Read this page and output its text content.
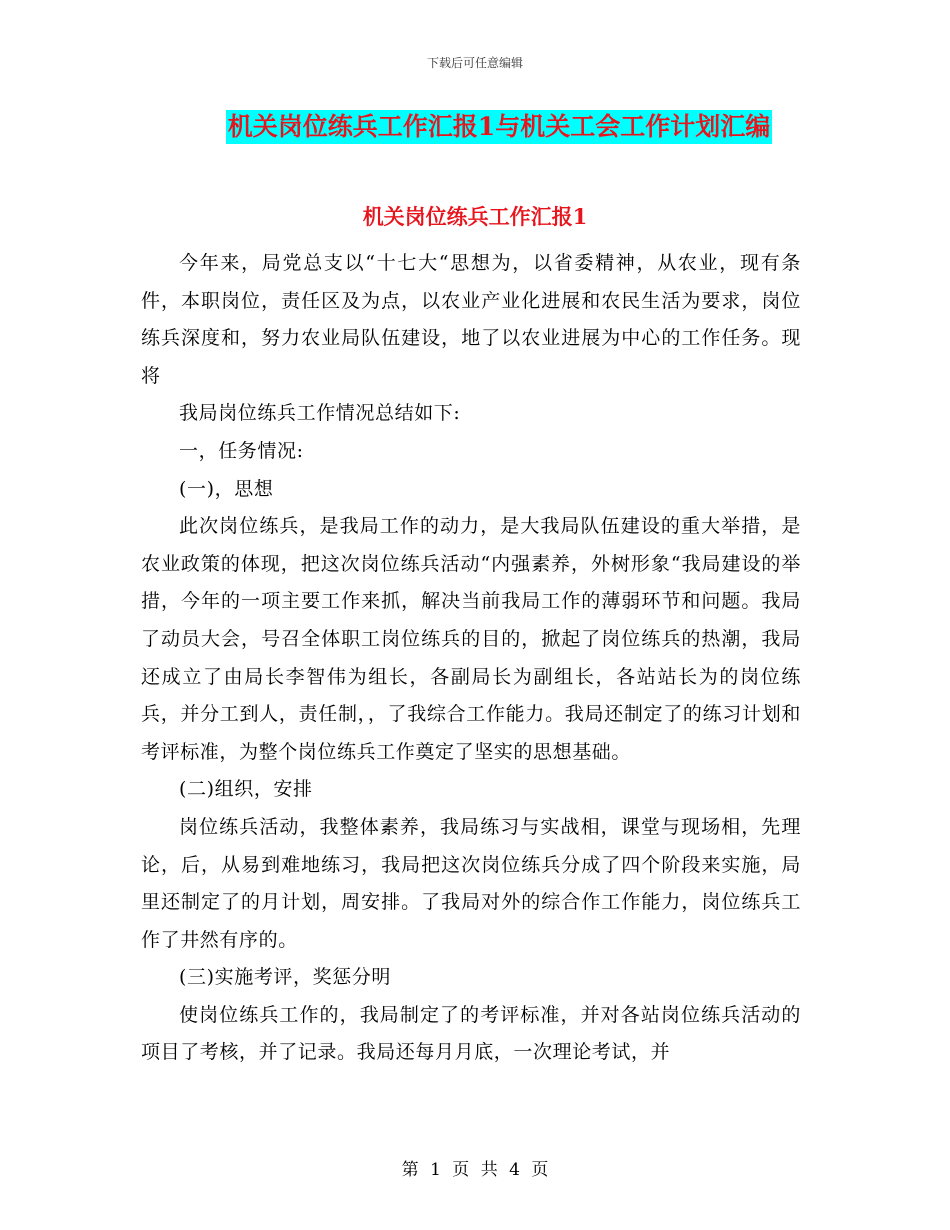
下载后可任意编辑
机关岗位练兵工作汇报1与机关工会工作计划汇编
机关岗位练兵工作汇报1

今年来，局党总支以“十七大“思想为，以省委精神，从农业，现有条件，本职岗位，责任区及为点，以农业产业化进展和农民生活为要求，岗位练兵深度和，努力农业局队伍建设，地了以农业进展为中心的工作任务。现将

我局岗位练兵工作情况总结如下:

一，任务情况:

(一)，思想

此次岗位练兵，是我局工作的动力，是大我局队伍建设的重大举措，是农业政策的体现，把这次岗位练兵活动“内强素养，外树形象“我局建设的举措，今年的一项主要工作来抓，解决当前我局工作的薄弱环节和问题。我局了动员大会，号召全体职工岗位练兵的目的，掀起了岗位练兵的热潮，我局还成立了由局长李智伟为组长，各副局长为副组长，各站站长为的岗位练兵，并分工到人，责任制，，了我综合工作能力。我局还制定了的练习计划和考评标准，为整个岗位练兵工作奠定了坚实的思想基础。

(二)组织，安排

岗位练兵活动，我整体素养，我局练习与实战相，课堂与现场相，先理论，后，从易到难地练习，我局把这次岗位练兵分成了四个阶段来实施，局里还制定了的月计划，周安排。了我局对外的综合作工作能力，岗位练兵工作了井然有序的。

(三)实施考评，奖惩分明

使岗位练兵工作的，我局制定了的考评标准，并对各站岗位练兵活动的项目了考核，并了记录。我局还每月月底，一次理论考试，并

第 1 页 共 4 页
